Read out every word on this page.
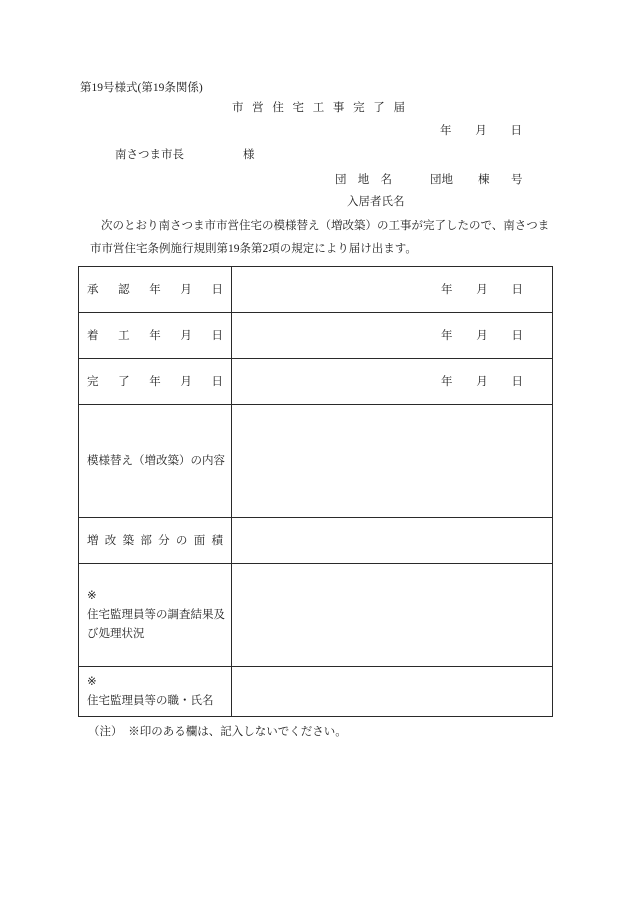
第19号様式(第19条関係)
市 営 住 宅 工 事 完 了 届
年 月 日
南さつま市長	様
団 地 名	団地 棟 号
入居者氏名
次のとおり南さつま市市営住宅の模様替え（増改築）の工事が完了したので、南さつま
市市営住宅条例施行規則第19条第2項の規定により届け出ます。
承 認 年 月 日	年 月 日
着 工 年 月 日	年 月 日
完 了 年 月 日	年 月 日
模様替え（増改築）の内容	
増 改 築 部 分 の 面 積	

※
住宅監理員等の調査結果及び処理状況	

※
住宅監理員等の職・氏名	

（注）　※印のある欄は、記入しないでください。
